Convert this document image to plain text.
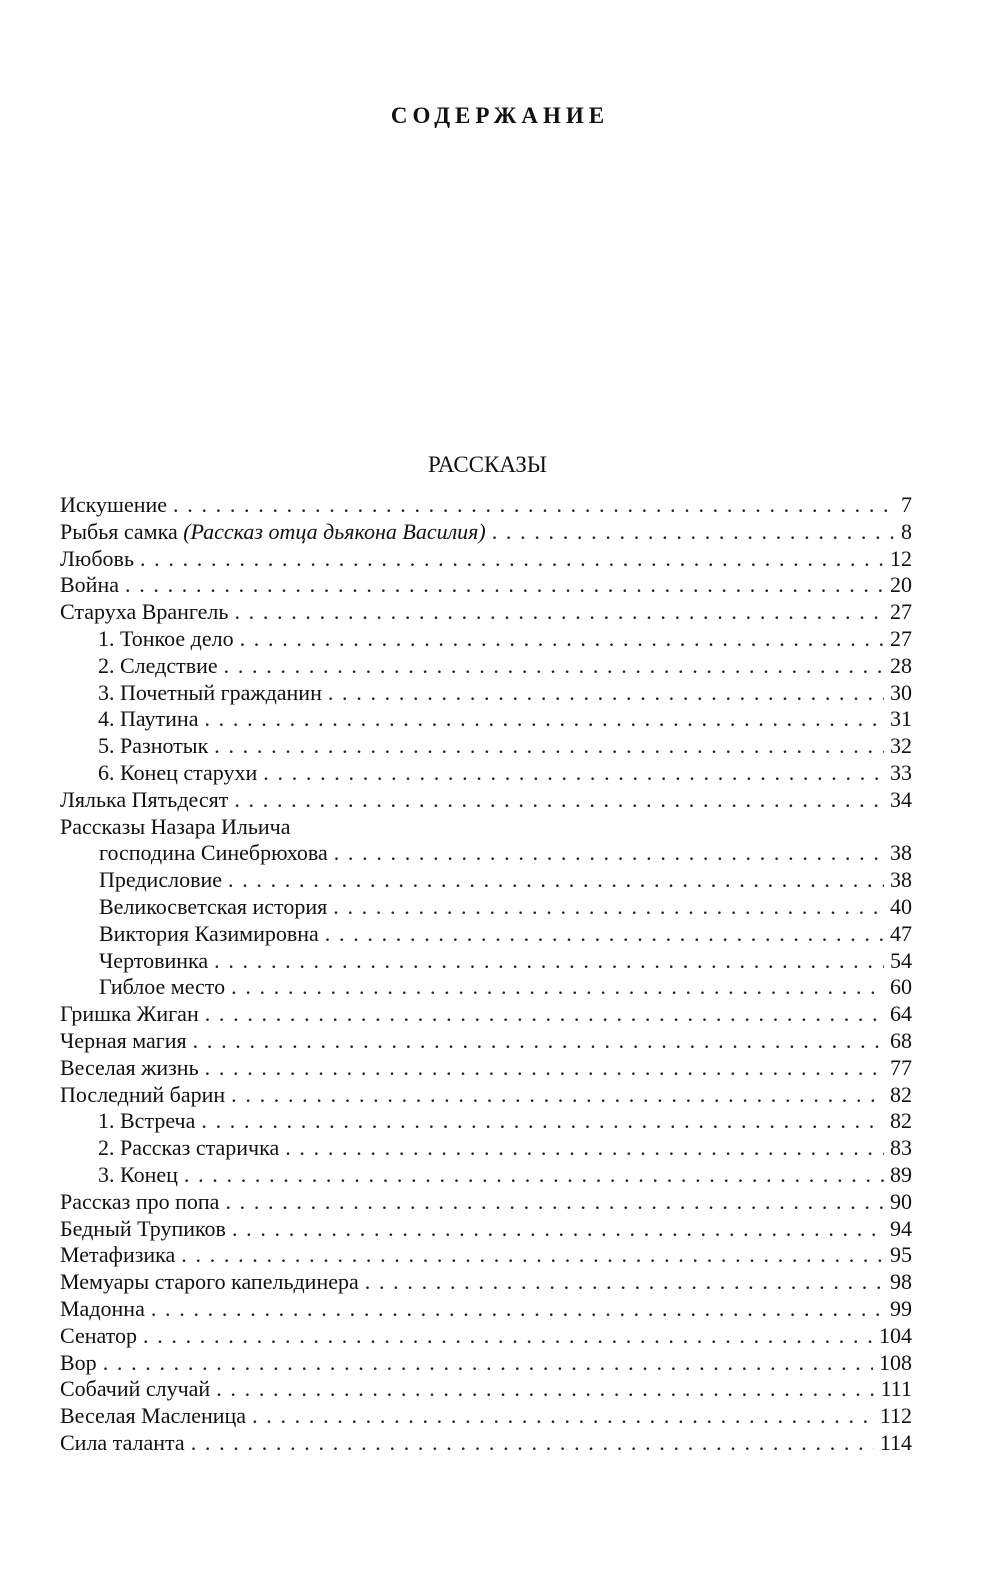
СОДЕРЖАНИЕ
РАССКАЗЫ
Искушение . . .	7
Рыбья самка (Рассказ отца дьякона Василия) . . .	8
Любовь . . .	12
Война . . .	20
Старуха Врангель . . .	27
1. Тонкое дело . . .	27
2. Следствие . . .	28
3. Почетный гражданин . . .	30
4. Паутина . . .	31
5. Разнотык . . .	32
6. Конец старухи . . .	33
Лялька Пятьдесят . . .	34
Рассказы Назара Ильича
господина Синебрюхова . . .	38
Предисловие . . .	38
Великосветская история . . .	40
Виктория Казимировна . . .	47
Чертовинка . . .	54
Гиблое место . . .	60
Гришка Жиган . . .	64
Черная магия . . .	68
Веселая жизнь . . .	77
Последний барин . . .	82
1. Встреча . . .	82
2. Рассказ старичка . . .	83
3. Конец . . .	89
Рассказ про попа . . .	90
Бедный Трупиков . . .	94
Метафизика . . .	95
Мемуары старого капельдинера . . .	98
Мадонна . . .	99
Сенатор . . .	104
Вор . . .	108
Собачий случай . . .	111
Веселая Масленица . . .	112
Сила таланта . . .	114
